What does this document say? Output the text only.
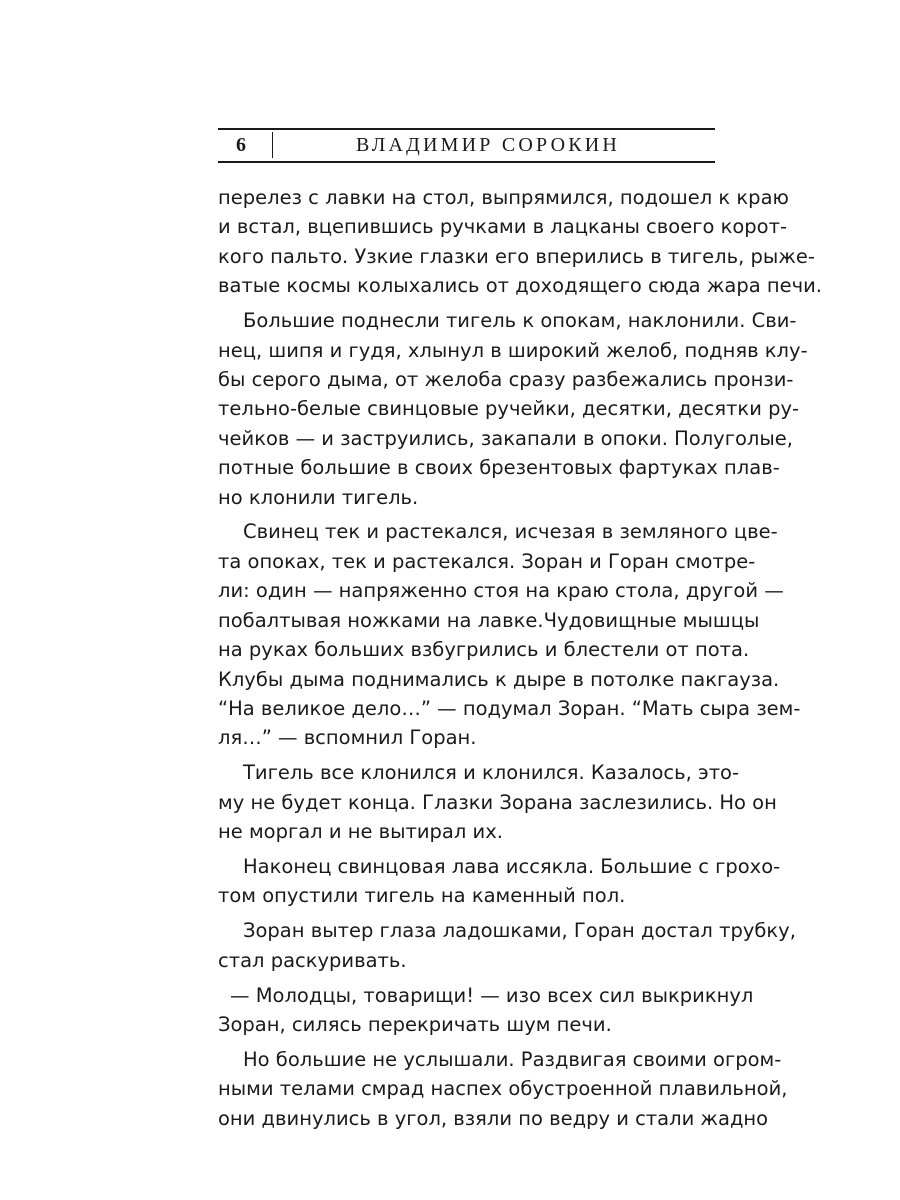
6	ВЛАДИМИР СОРОКИН

перелез с лавки на стол, выпрямился, подошел к краю
и встал, вцепившись ручками в лацканы своего корот-
кого пальто. Узкие глазки его вперились в тигель, рыже-
ватые космы колыхались от доходящего сюда жара печи.

Большие поднесли тигель к опокам, наклонили. Сви-
нец, шипя и гудя, хлынул в широкий желоб, подняв клу-
бы серого дыма, от желоба сразу разбежались пронзи-
тельно-белые свинцовые ручейки, десятки, десятки ру-
чейков — и заструились, закапали в опоки. Полуголые,
потные большие в своих брезентовых фартуках плав-
но клонили тигель.

Свинец тек и растекался, исчезая в земляного цве-
та опоках, тек и растекался. Зоран и Горан смотре-
ли: один — напряженно стоя на краю стола, другой —
побалтывая ножками на лавке.Чудовищные мышцы
на руках больших взбугрились и блестели от пота.
Клубы дыма поднимались к дыре в потолке пакгауза.
“На великое дело…” — подумал Зоран. “Мать сыра зем-
ля…” — вспомнил Горан.

Тигель все клонился и клонился. Казалось, это-
му не будет конца. Глазки Зорана заслезились. Но он
не моргал и не вытирал их.

Наконец свинцовая лава иссякла. Большие с грохо-
том опустили тигель на каменный пол.

Зоран вытер глаза ладошками, Горан достал трубку,
стал раскуривать.

— Молодцы, товарищи! — изо всех сил выкрикнул
Зоран, силясь перекричать шум печи.

Но большие не услышали. Раздвигая своими огром-
ными телами смрад наспех обустроенной плавильной,
они двинулись в угол, взяли по ведру и стали жадно
